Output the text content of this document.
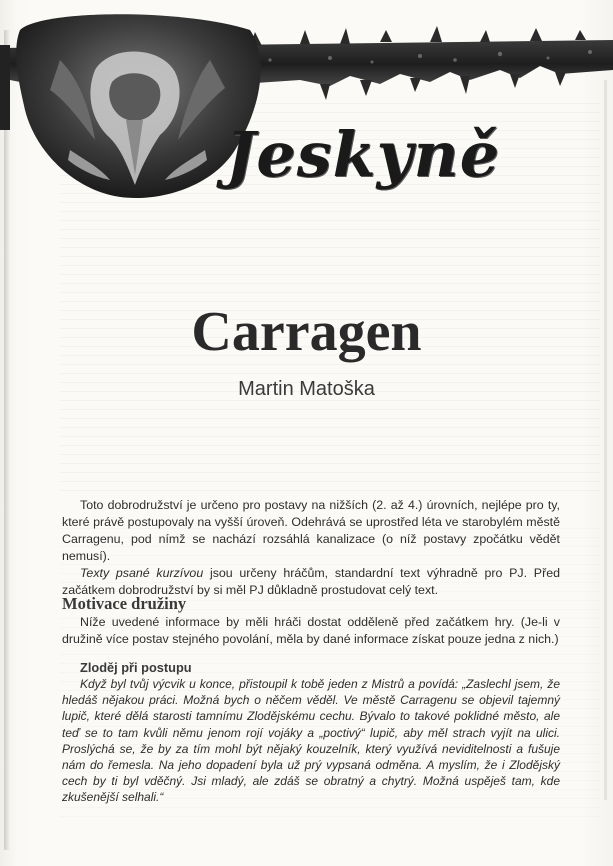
Jeskyně
Carragen
Martin Matoška

Toto dobrodružství je určeno pro postavy na nižších (2. až 4.) úrovních, nejlépe pro ty, které právě postupovaly na vyšší úroveň. Odehrává se uprostřed léta ve starobylém městě Carragenu, pod nímž se nachází rozsáhlá kanalizace (o níž postavy zpočátku vědět nemusí).

Texty psané kurzívou jsou určeny hráčům, standardní text výhradně pro PJ. Před začátkem dobrodružství by si měl PJ důkladně prostudovat celý text.

Motivace družiny

Níže uvedené informace by měli hráči dostat odděleně před začátkem hry. (Je-li v družině více postav stejného povolání, měla by dané informace získat pouze jedna z nich.)

Zloděj při postupu

Když byl tvůj výcvik u konce, přistoupil k tobě jeden z Mistrů a povídá: „Zaslechl jsem, že hledáš nějakou práci. Možná bych o něčem věděl. Ve městě Carragenu se objevil tajemný lupič, které dělá starosti tamnímu Zlodějskému cechu. Bývalo to takové poklidné město, ale teď se to tam kvůli němu jenom rojí vojáky a „poctivý“ lupič, aby měl strach vyjít na ulici. Proslýchá se, že by za tím mohl být nějaký kouzelník, který využívá neviditelnosti a fušuje nám do řemesla. Na jeho dopadení byla už prý vypsaná odměna. A myslím, že i Zlodějský cech by ti byl vděčný. Jsi mladý, ale zdáš se obratný a chytrý. Možná uspěješ tam, kde zkušenější selhali.“
